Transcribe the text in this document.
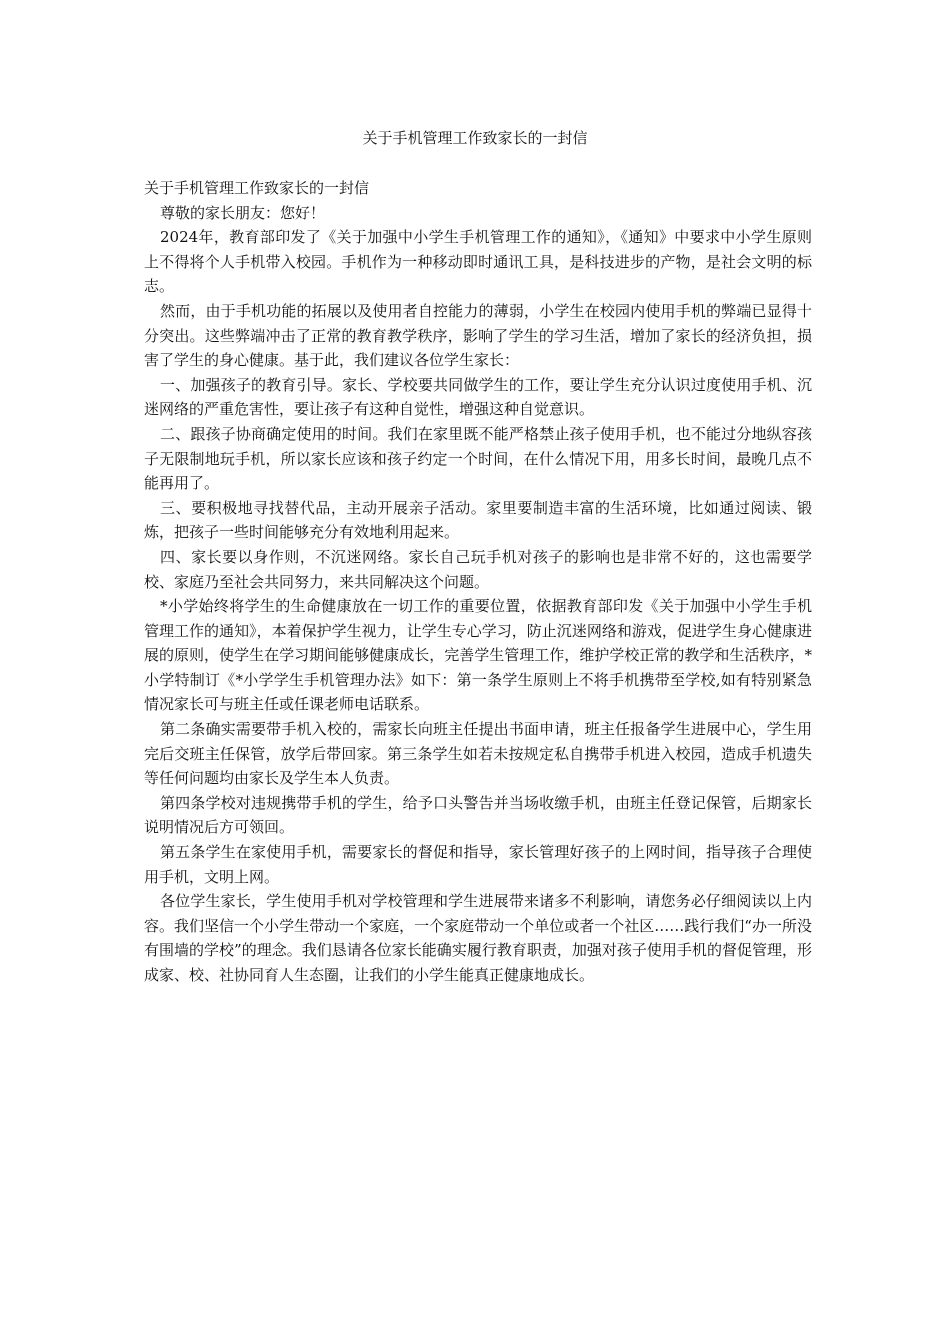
关于手机管理工作致家长的一封信

关于手机管理工作致家长的一封信

尊敬的家长朋友：您好！

2024年，教育部印发了《关于加强中小学生手机管理工作的通知》，《通知》中要求中小学生原则上不得将个人手机带入校园。手机作为一种移动即时通讯工具，是科技进步的产物，是社会文明的标志。

然而，由于手机功能的拓展以及使用者自控能力的薄弱，小学生在校园内使用手机的弊端已显得十分突出。这些弊端冲击了正常的教育教学秩序，影响了学生的学习生活，增加了家长的经济负担，损害了学生的身心健康。基于此，我们建议各位学生家长：

一、加强孩子的教育引导。家长、学校要共同做学生的工作，要让学生充分认识过度使用手机、沉迷网络的严重危害性，要让孩子有这种自觉性，增强这种自觉意识。

二、跟孩子协商确定使用的时间。我们在家里既不能严格禁止孩子使用手机，也不能过分地纵容孩子无限制地玩手机，所以家长应该和孩子约定一个时间，在什么情况下用，用多长时间，最晚几点不能再用了。

三、要积极地寻找替代品，主动开展亲子活动。家里要制造丰富的生活环境，比如通过阅读、锻炼，把孩子一些时间能够充分有效地利用起来。

四、家长要以身作则，不沉迷网络。家长自己玩手机对孩子的影响也是非常不好的，这也需要学校、家庭乃至社会共同努力，来共同解决这个问题。

*小学始终将学生的生命健康放在一切工作的重要位置，依据教育部印发《关于加强中小学生手机管理工作的通知》，本着保护学生视力，让学生专心学习，防止沉迷网络和游戏，促进学生身心健康进展的原则，使学生在学习期间能够健康成长，完善学生管理工作，维护学校正常的教学和生活秩序，*小学特制订《*小学学生手机管理办法》如下：第一条学生原则上不将手机携带至学校,如有特别紧急情况家长可与班主任或任课老师电话联系。

第二条确实需要带手机入校的，需家长向班主任提出书面申请，班主任报备学生进展中心，学生用完后交班主任保管，放学后带回家。第三条学生如若未按规定私自携带手机进入校园，造成手机遗失等任何问题均由家长及学生本人负责。

第四条学校对违规携带手机的学生，给予口头警告并当场收缴手机，由班主任登记保管，后期家长说明情况后方可领回。

第五条学生在家使用手机，需要家长的督促和指导，家长管理好孩子的上网时间，指导孩子合理使用手机，文明上网。

各位学生家长，学生使用手机对学校管理和学生进展带来诸多不利影响，请您务必仔细阅读以上内容。我们坚信一个小学生带动一个家庭，一个家庭带动一个单位或者一个社区……践行我们“办一所没有围墙的学校”的理念。我们恳请各位家长能确实履行教育职责，加强对孩子使用手机的督促管理，形成家、校、社协同育人生态圈，让我们的小学生能真正健康地成长。
